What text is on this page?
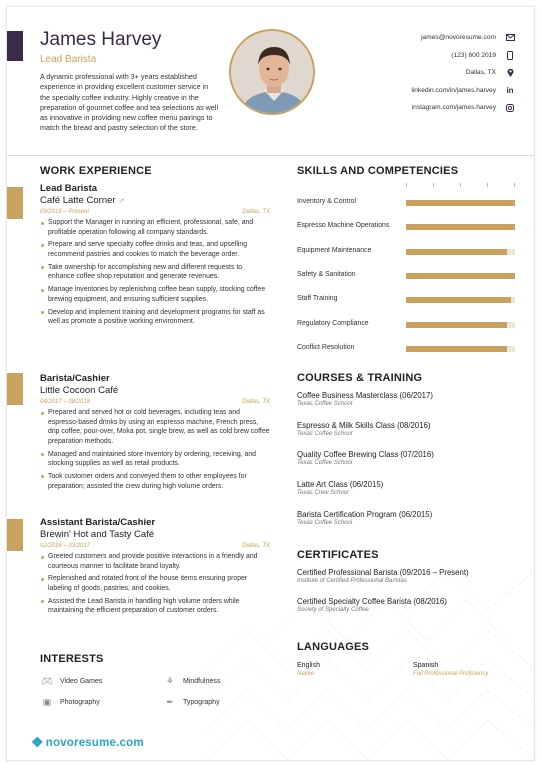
James Harvey
Lead Barista
A dynamic professional with 3+ years established experience in providing excellent customer service in the specialty coffee industry. Highly creative in the preparation of gourmet coffee and tea selections as well as innovative in providing new coffee menu pairings to match the bread and pastry selection of the store.
james@novoresume.com
(123) 600 2019
Dallas, TX
linkedin.com/in/james.harvey	in
instagram.com/james.harvey
WORK EXPERIENCE
Lead Barista
Café Latte Corner ↗
09/2016 – Present	Dallas, TX
Support the Manager in running an efficient, professional, safe, and profitable operation following all company standards.
Prepare and serve specialty coffee drinks and teas, and upselling recommend pastries and cookies to match the beverage order.
Take ownership for accomplishing new and different requests to enhance coffee shop reputation and generate revenues.
Manage inventories by replenishing coffee bean supply, stocking coffee brewing equipment, and ensuring sufficient supplies.
Develop and implement training and development programs for staff as well as promote a positive working environment.
Barista/Cashier
Little Cocoon Café
04/2017 – 08/2018	Dallas, TX
Prepared and served hot or cold beverages, including teas and espresso-based drinks by using an espresso machine, French press, drip coffee, pour-over, Moka pot, single brew, as well as cold brew coffee preparation methods.
Managed and maintained store inventory by ordering, receiving, and stocking supplies as well as retail products.
Took customer orders and conveyed them to other employees for preparation; assisted the crew during high volume orders.
Assistant Barista/Cashier
Brewin' Hot and Tasty Café
02/2016 – 03/2017	Dallas, TX
Greeted customers and provide positive interactions in a friendly and courteous manner to facilitate brand loyalty.
Replenished and rotated front of the house items ensuring proper labeling of goods, pastries, and cookies.
Assisted the Lead Barista in handling high volume orders while maintaining the efficient preparation of customer orders.
INTERESTS
🎮︎ Video Games	⚘	Mindfulness
▣	Photography	✒︎	Typography
❖ novoresume.com
SKILLS AND COMPETENCIES
Inventory & Control
Espresso Machine Operations
Equipment Maintenance
Safety & Sanitation
Staff Training
Regulatory Compliance
Conflict Resolution
COURSES & TRAINING
Coffee Business Masterclass (06/2017)
Texas Coffee School
Espresso & Milk Skills Class (08/2016)
Texas Coffee School
Quality Coffee Brewing Class (07/2016)
Texas Coffee School
Latte Art Class (06/2015)
Texas Crew School
Barista Certification Program (06/2015)
Texas Coffee School
CERTIFICATES
Certified Professional Barista (09/2016 – Present)
Institute of Certified Professional Baristas
Certified Specialty Coffee Barista (08/2016)
Society of Specialty Coffee
LANGUAGES
English
Native
Spanish
Full Professional Proficiency
